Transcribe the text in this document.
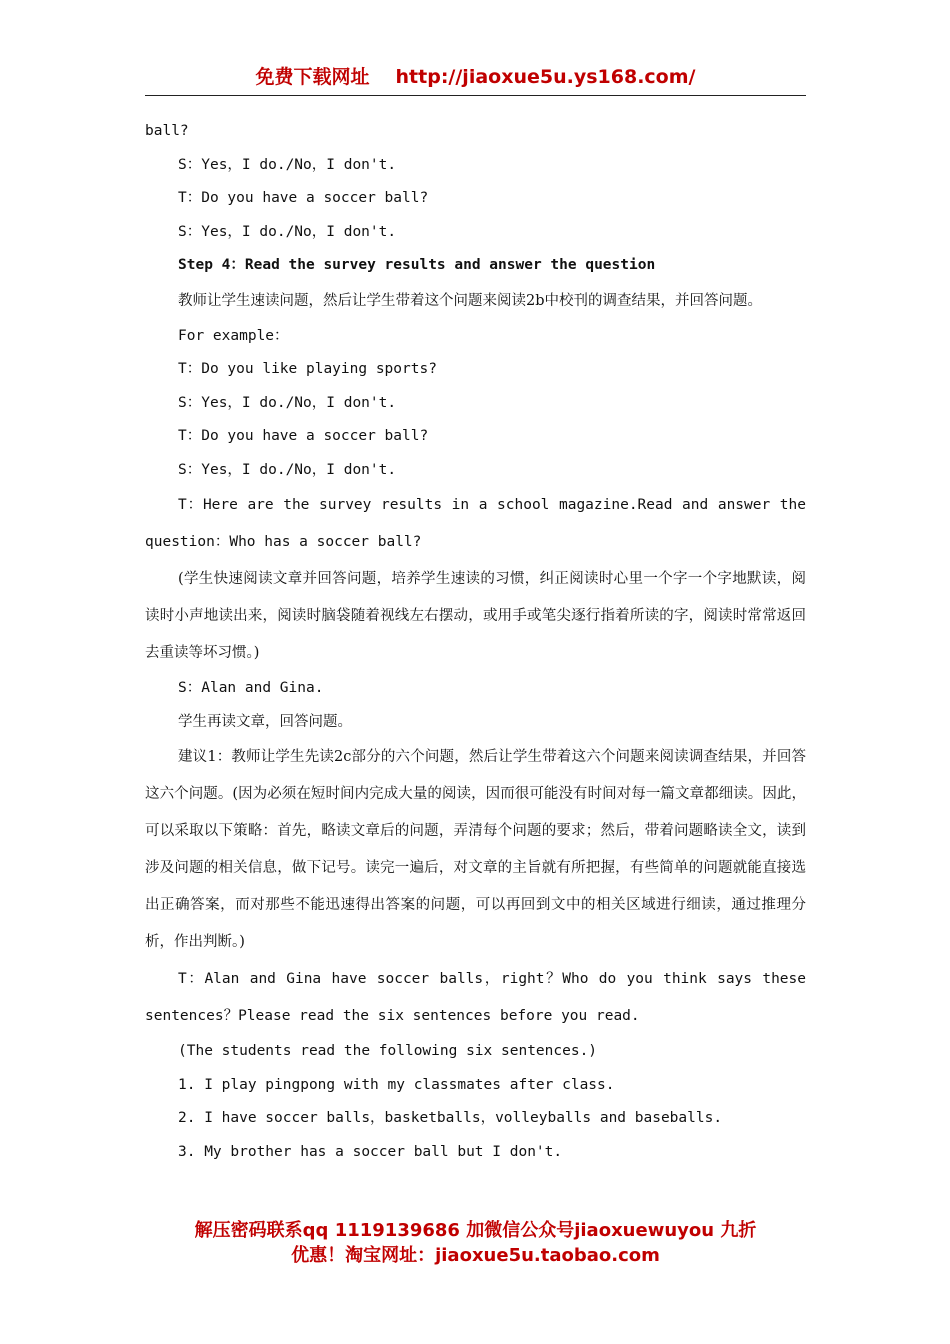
免费下载网址 http://jiaoxue5u.ys168.com/

ball?

S：Yes，I do./No，I don't.

T：Do you have a soccer ball?

S：Yes，I do./No，I don't.

Step 4：Read the survey results and answer the question

教师让学生速读问题，然后让学生带着这个问题来阅读2b中校刊的调查结果，并回答问题。

For example：

T：Do you like playing sports?

S：Yes，I do./No，I don't.

T：Do you have a soccer ball?

S：Yes，I do./No，I don't.

T：Here are the survey results in a school magazine.Read and answer the question：Who has a soccer ball?

(学生快速阅读文章并回答问题，培养学生速读的习惯，纠正阅读时心里一个字一个字地默读，阅读时小声地读出来，阅读时脑袋随着视线左右摆动，或用手或笔尖逐行指着所读的字，阅读时常常返回去重读等坏习惯。)

S：Alan and Gina.

学生再读文章，回答问题。

建议1：教师让学生先读2c部分的六个问题，然后让学生带着这六个问题来阅读调查结果，并回答这六个问题。(因为必须在短时间内完成大量的阅读，因而很可能没有时间对每一篇文章都细读。因此，可以采取以下策略：首先，略读文章后的问题，弄清每个问题的要求；然后，带着问题略读全文，读到涉及问题的相关信息，做下记号。读完一遍后，对文章的主旨就有所把握，有些简单的问题就能直接选出正确答案，而对那些不能迅速得出答案的问题，可以再回到文中的相关区域进行细读，通过推理分析，作出判断。)

T：Alan and Gina have soccer balls，right？Who do you think says these sentences？Please read the six sentences before you read.

(The students read the following six sentences.)

1. I play pingpong with my classmates after class.

2. I have soccer balls，basketballs，volleyballs and baseballs.

3. My brother has a soccer ball but I don't.

解压密码联系qq 1119139686 加微信公众号jiaoxuewuyou 九折
优惠！淘宝网址：jiaoxue5u.taobao.com
